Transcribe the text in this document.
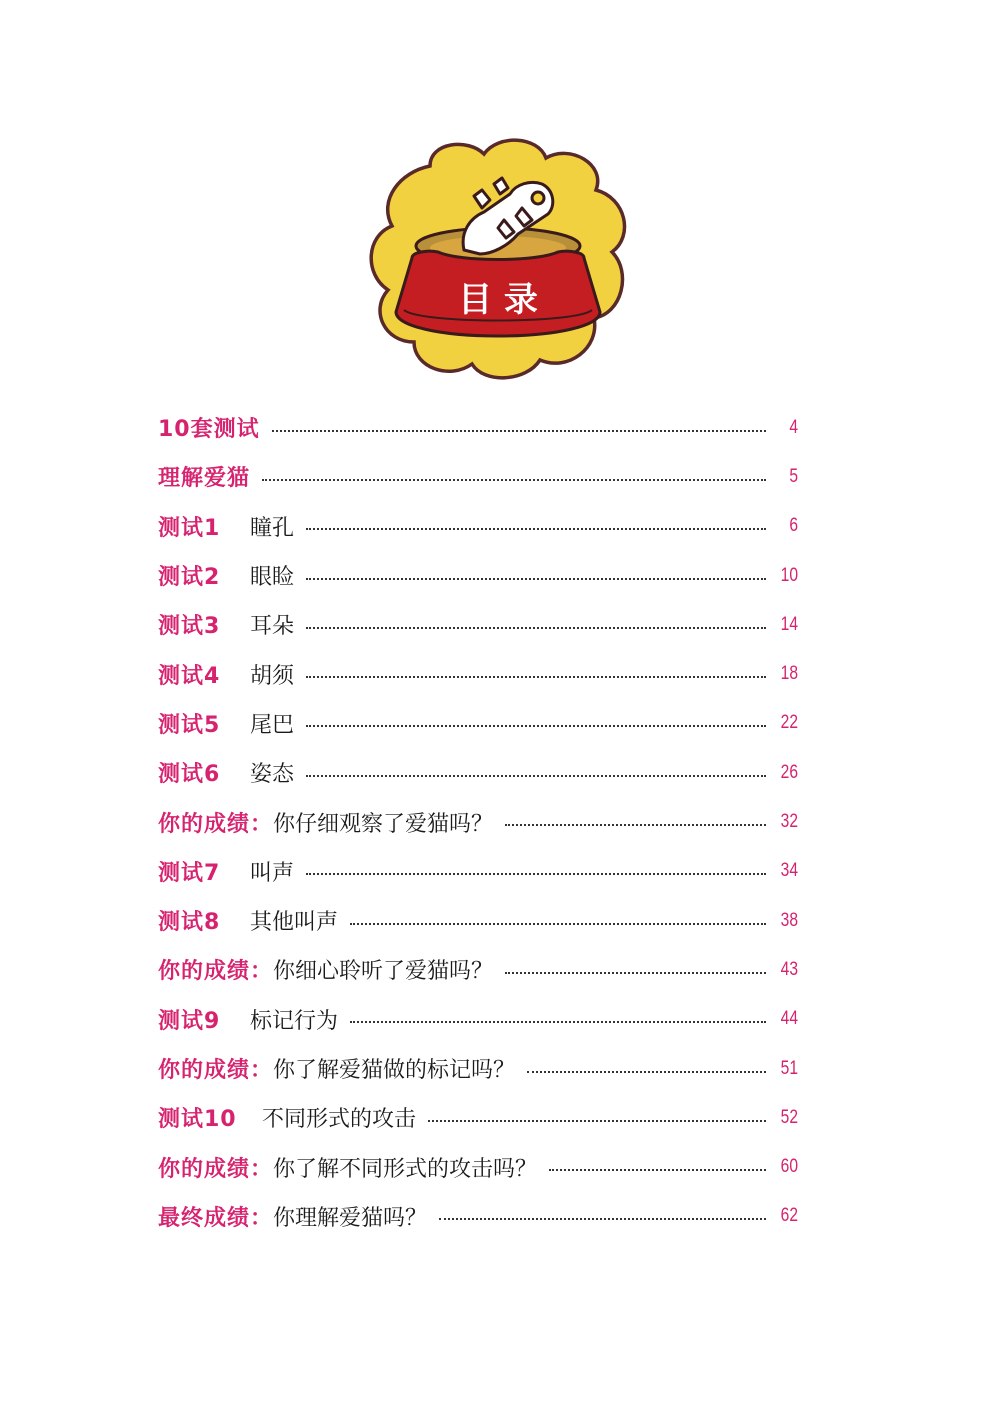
目 录
10套测试	4
理解爱猫	5
测试1	瞳孔	6
测试2	眼睑	10
测试3	耳朵	14
测试4	胡须	18
测试5	尾巴	22
测试6	姿态	26
你的成绩： 你仔细观察了爱猫吗？	32
测试7	叫声	34
测试8	其他叫声	38
你的成绩： 你细心聆听了爱猫吗？	43
测试9	标记行为	44
你的成绩： 你了解爱猫做的标记吗？	51
测试10	不同形式的攻击	52
你的成绩： 你了解不同形式的攻击吗？	60
最终成绩： 你理解爱猫吗？	62
